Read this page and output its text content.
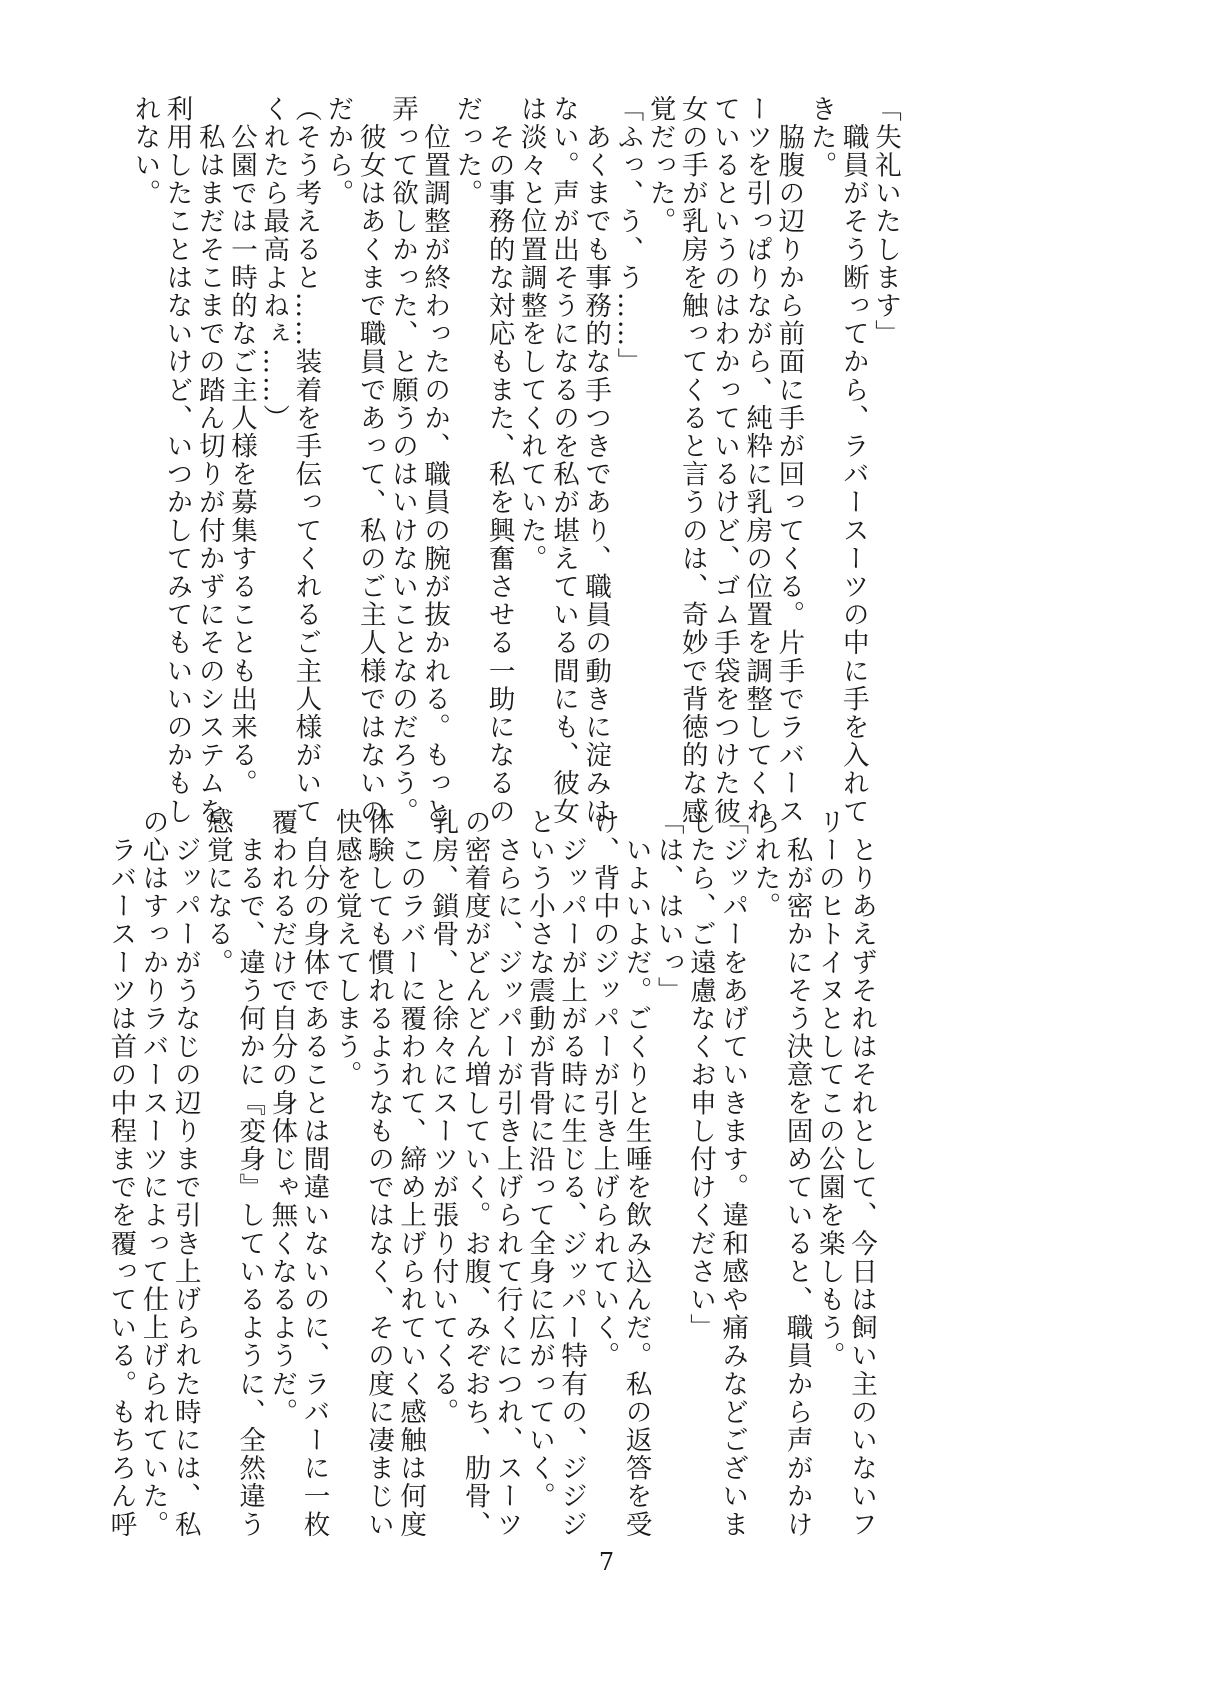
「失礼いたします」
　職員がそう断ってから、ラバースーツの中に手を入れて
きた。
　脇腹の辺りから前面に手が回ってくる。片手でラバース
ーツを引っぱりながら、純粋に乳房の位置を調整してくれ
ているというのはわかっているけど、ゴム手袋をつけた彼
女の手が乳房を触ってくると言うのは、奇妙で背徳的な感
覚だった。
「ふっ、う、う……」
　あくまでも事務的な手つきであり、職員の動きに淀みは
ない。声が出そうになるのを私が堪えている間にも、彼女
は淡々と位置調整をしてくれていた。
　その事務的な対応もまた、私を興奮させる一助になるの
だった。
　位置調整が終わったのか、職員の腕が抜かれる。もっと
弄って欲しかった、と願うのはいけないことなのだろう。
　彼女はあくまで職員であって、私のご主人様ではないの
だから。
（そう考えると……装着を手伝ってくれるご主人様がいて
くれたら最高よねぇ……）
　公園では一時的なご主人様を募集することも出来る。
　私はまだそこまでの踏ん切りが付かずにそのシステムを
利用したことはないけど、いつかしてみてもいいのかもし
れない。
　とりあえずそれはそれとして、今日は飼い主のいないフ
リーのヒトイヌとしてこの公園を楽しもう。
　私が密かにそう決意を固めていると、職員から声がかけ
られた。
「ジッパーをあげていきます。違和感や痛みなどございま
したら、ご遠慮なくお申し付けください」
「は、はいっ」
　いよいよだ。ごくりと生唾を飲み込んだ。私の返答を受
け、背中のジッパーが引き上げられていく。
　ジッパーが上がる時に生じる、ジッパー特有の、ジジジ
という小さな震動が背骨に沿って全身に広がっていく。
　さらに、ジッパーが引き上げられて行くにつれ、スーツ
の密着度がどんどん増していく。お腹、みぞおち、肋骨、
乳房、鎖骨、と徐々にスーツが張り付いてくる。
　このラバーに覆われて、締め上げられていく感触は何度
体験しても慣れるようなものではなく、その度に凄まじい
快感を覚えてしまう。
　自分の身体であることは間違いないのに、ラバーに一枚
覆われるだけで自分の身体じゃ無くなるようだ。
　まるで、違う何かに『変身』しているように、全然違う
感覚になる。
　ジッパーがうなじの辺りまで引き上げられた時には、私
の心はすっかりラバースーツによって仕上げられていた。
　ラバースーツは首の中程までを覆っている。もちろん呼
7
